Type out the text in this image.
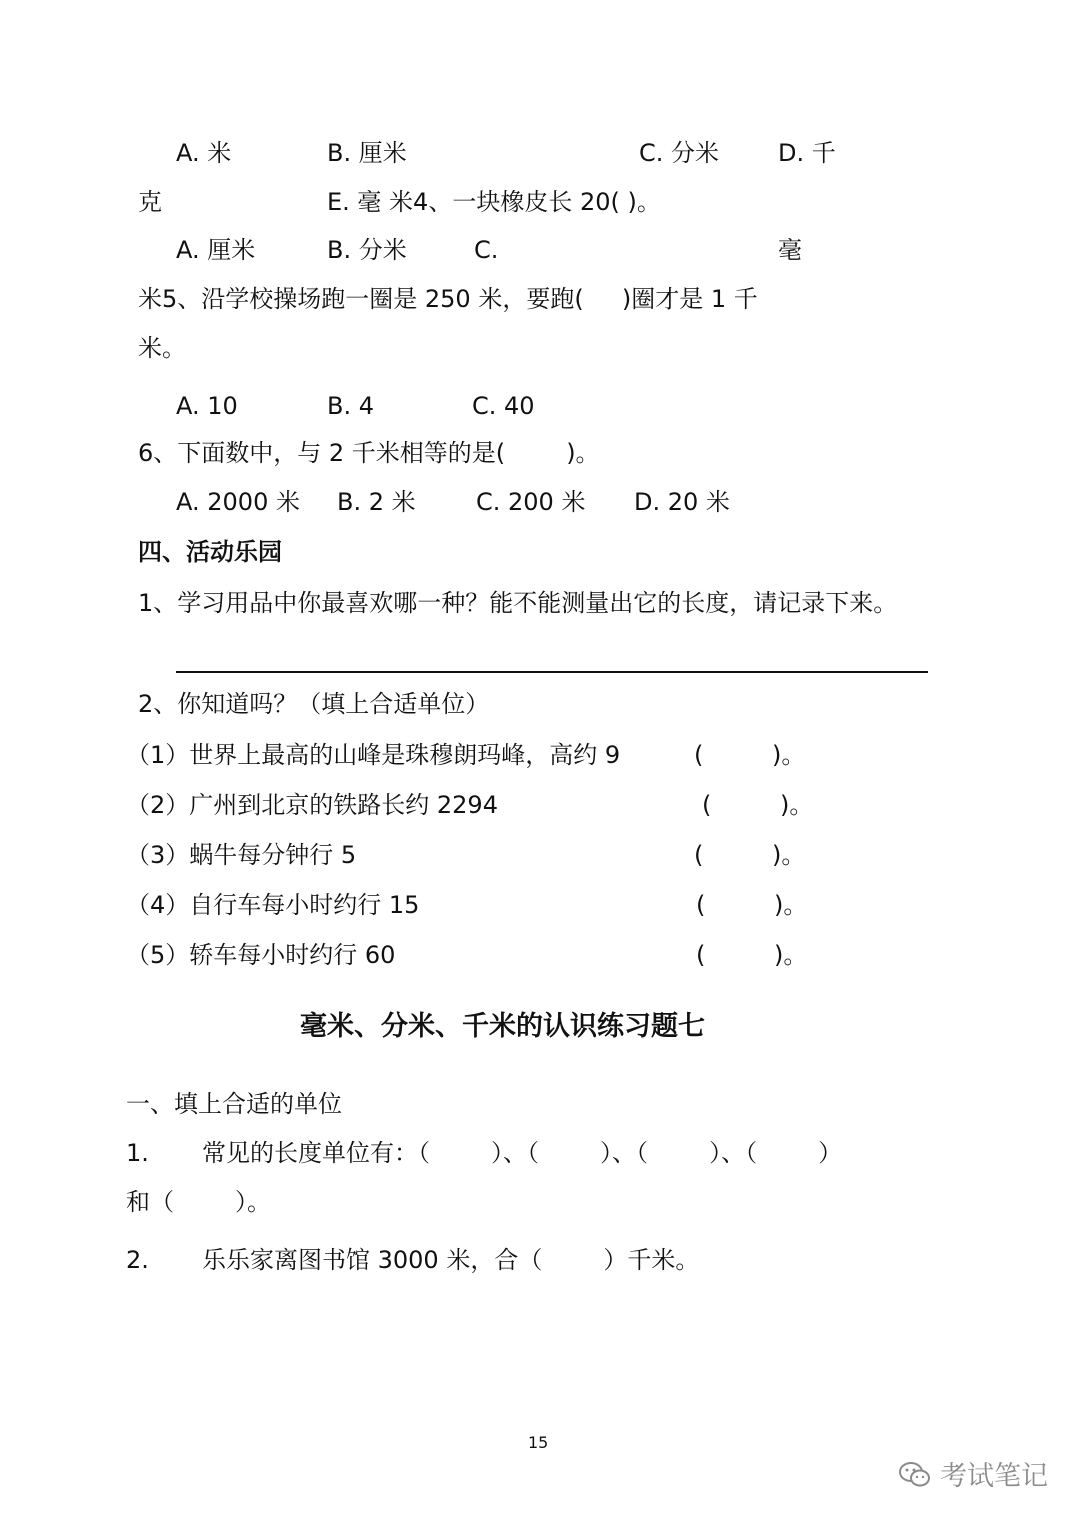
A. 米	B. 厘米	C. 分米 D. 千
克	E. 毫 米4、一块橡皮长 20( )。
A. 厘米	B. 分米	C.	毫
米5、沿学校操场跑一圈是 250 米，要跑(     )圈才是 1 千
米。
A. 10	B. 4	C. 40
6、下面数中，与 2 千米相等的是(        )。
A. 2000 米 B. 2 米	C. 200 米 D. 20 米
四、活动乐园
1、学习用品中你最喜欢哪一种？能不能测量出它的长度，请记录下来。
2、你知道吗？（填上合适单位）
（1）世界上最高的山峰是珠穆朗玛峰，高约 9	(         )。
（2）广州到北京的铁路长约 2294	(         )。
（3）蜗牛每分钟行 5	(         )。
（4）自行车每小时约行 15	(         )。
（5）轿车每小时约行 60	(         )。
毫米、分米、千米的认识练习题七
一、填上合适的单位
1. 常见的长度单位有：（        ）、（        ）、（        ）、（        ）
和（        ）。
2. 乐乐家离图书馆 3000 米，合（        ）千米。
15
考试笔记
